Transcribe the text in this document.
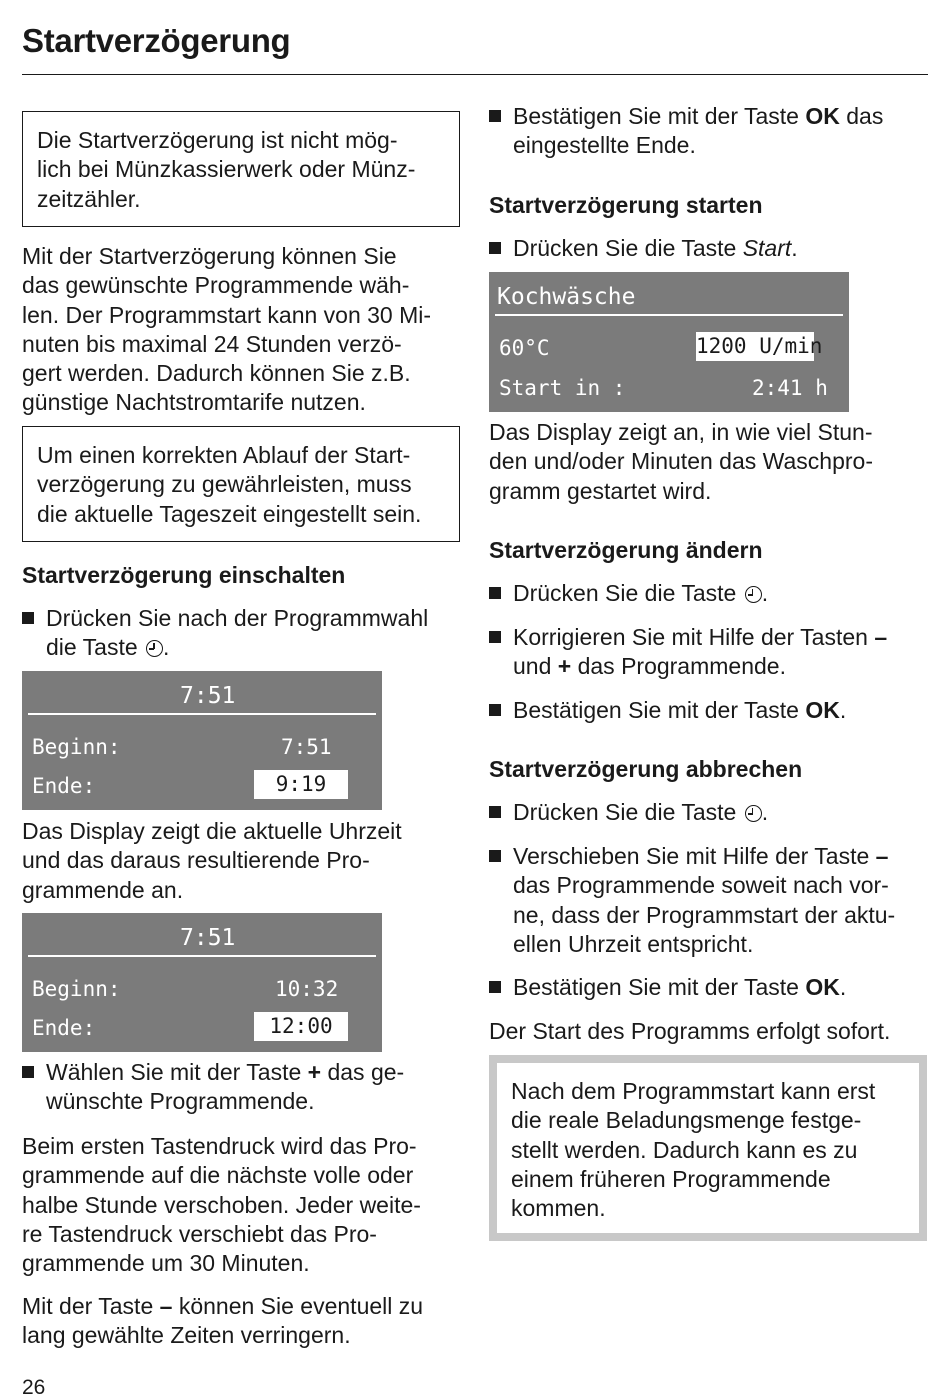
Startverzögerung
Die Startverzögerung ist nicht mög-
lich bei Münzkassierwerk oder Münz-
zeitzähler.
Mit der Startverzögerung können Sie
das gewünschte Programmende wäh-
len. Der Programmstart kann von 30 Mi-
nuten bis maximal 24 Stunden verzö-
gert werden. Dadurch können Sie z.B.
günstige Nachtstromtarife nutzen.
Um einen korrekten Ablauf der Start-
verzögerung zu gewährleisten, muss
die aktuelle Tageszeit eingestellt sein.
Startverzögerung einschalten
Drücken Sie nach der Programmwahl
die Taste .
7:51
Beginn:	7:51
Ende:	9:19
Das Display zeigt die aktuelle Uhrzeit
und das daraus resultierende Pro-
grammende an.
7:51
Beginn:	10:32
Ende:	12:00
Wählen Sie mit der Taste + das ge-
wünschte Programmende.
Beim ersten Tastendruck wird das Pro-
grammende auf die nächste volle oder
halbe Stunde verschoben. Jeder weite-
re Tastendruck verschiebt das Pro-
grammende um 30 Minuten.
Mit der Taste – können Sie eventuell zu
lang gewählte Zeiten verringern.
Bestätigen Sie mit der Taste OK das
eingestellte Ende.
Startverzögerung starten
Drücken Sie die Taste Start.
Kochwäsche
60°C	1200 U/min
Start in :	2:41 h
Das Display zeigt an, in wie viel Stun-
den und/oder Minuten das Waschpro-
gramm gestartet wird.
Startverzögerung ändern
Drücken Sie die Taste .
Korrigieren Sie mit Hilfe der Tasten –
und + das Programmende.
Bestätigen Sie mit der Taste OK.
Startverzögerung abbrechen
Drücken Sie die Taste .
Verschieben Sie mit Hilfe der Taste –
das Programmende soweit nach vor-
ne, dass der Programmstart der aktu-
ellen Uhrzeit entspricht.
Bestätigen Sie mit der Taste OK.
Der Start des Programms erfolgt sofort.
Nach dem Programmstart kann erst
die reale Beladungsmenge festge-
stellt werden. Dadurch kann es zu
einem früheren Programmende
kommen.
26
